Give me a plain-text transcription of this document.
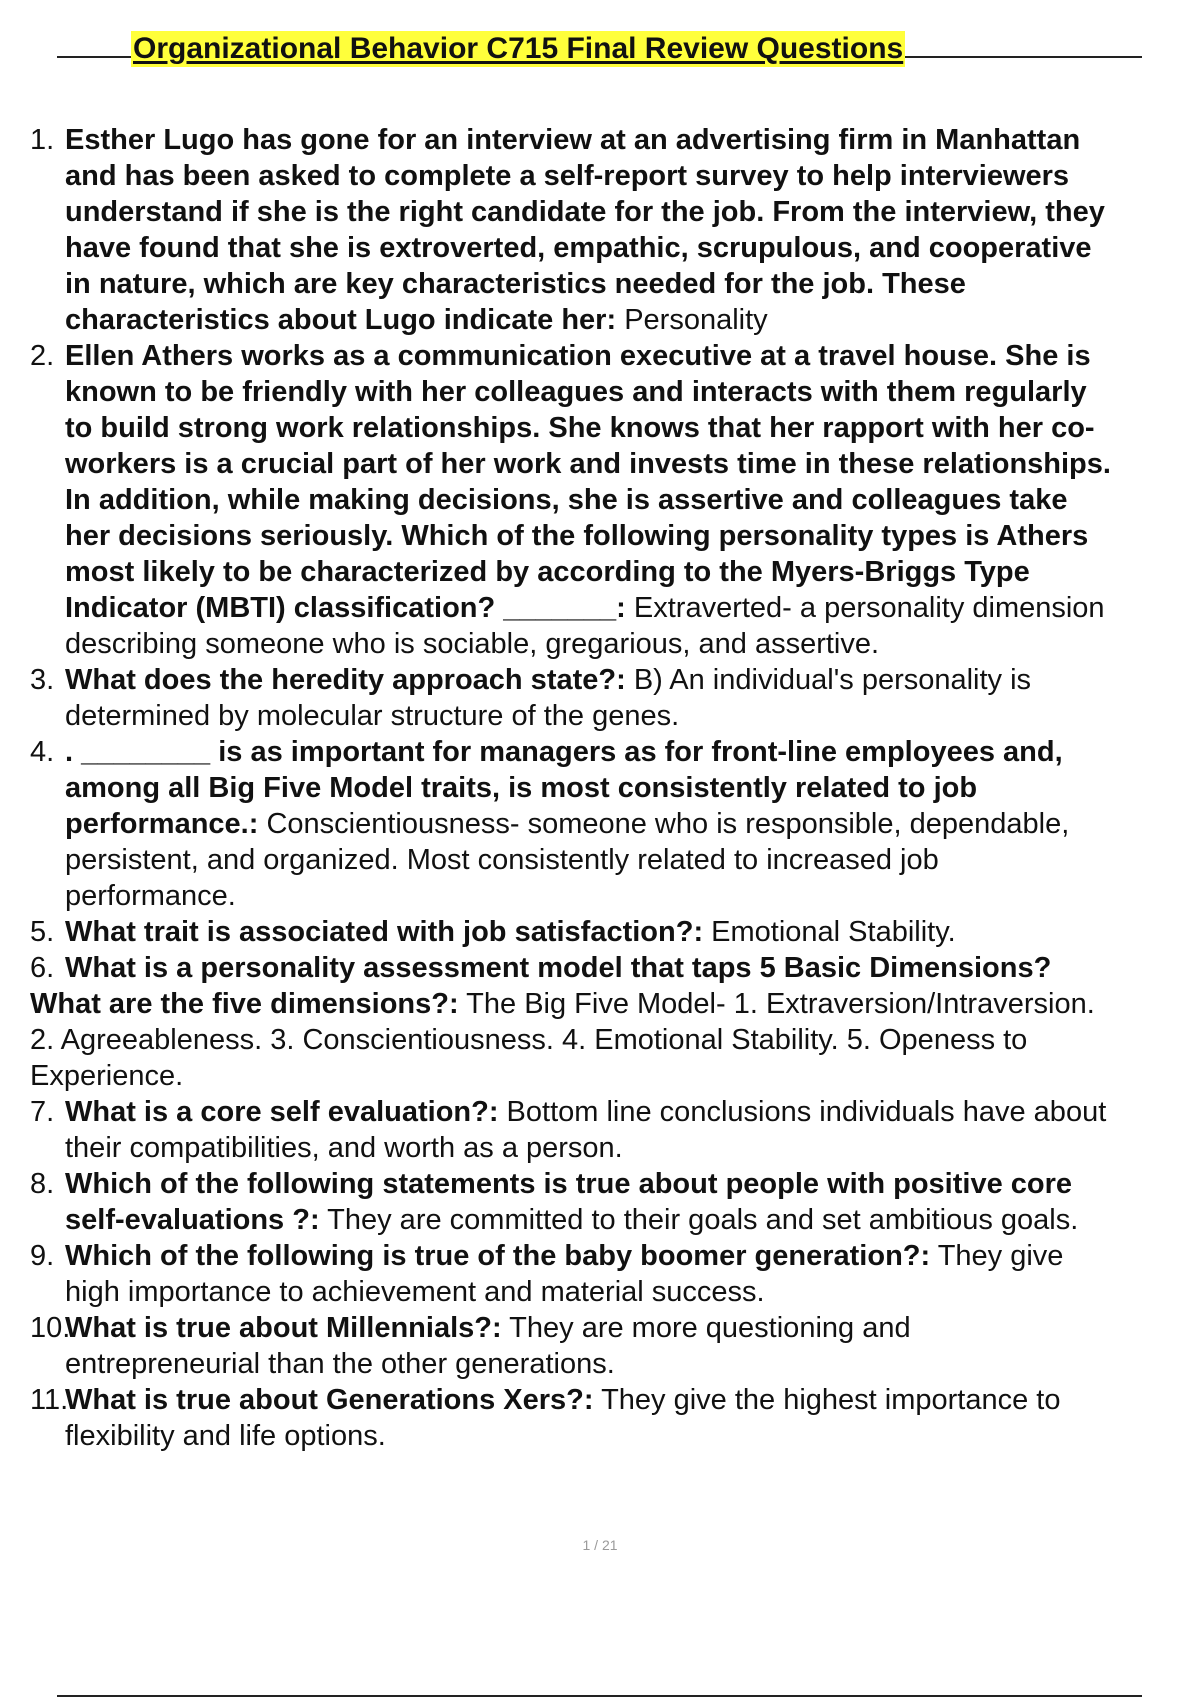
Organizational Behavior C715 Final Review Questions
1. Esther Lugo has gone for an interview at an advertising firm in Manhattan
and has been asked to complete a self-report survey to help interviewers
understand if she is the right candidate for the job. From the interview, they
have found that she is extroverted, empathic, scrupulous, and cooperative
in nature, which are key characteristics needed for the job. These
characteristics about Lugo indicate her: Personality
2. Ellen Athers works as a communication executive at a travel house. She is
known to be friendly with her colleagues and interacts with them regularly
to build strong work relationships. She knows that her rapport with her co-
workers is a crucial part of her work and invests time in these relationships.
In addition, while making decisions, she is assertive and colleagues take
her decisions seriously. Which of the following personality types is Athers
most likely to be characterized by according to the Myers-Briggs Type
Indicator (MBTI) classification? _______: Extraverted- a personality dimension
describing someone who is sociable, gregarious, and assertive.
3. What does the heredity approach state?: B) An individual's personality is
determined by molecular structure of the genes.
4. . ________ is as important for managers as for front-line employees and,
among all Big Five Model traits, is most consistently related to job
performance.: Conscientiousness- someone who is responsible, dependable,
persistent, and organized. Most consistently related to increased job
performance.
5. What trait is associated with job satisfaction?: Emotional Stability.
6. What is a personality assessment model that taps 5 Basic Dimensions?
What are the five dimensions?: The Big Five Model- 1. Extraversion/Intraversion.
2. Agreeableness. 3. Conscientiousness. 4. Emotional Stability. 5. Openess to
Experience.
7. What is a core self evaluation?: Bottom line conclusions individuals have about
their compatibilities, and worth as a person.
8. Which of the following statements is true about people with positive core
self-evaluations ?: They are committed to their goals and set ambitious goals.
9. Which of the following is true of the baby boomer generation?: They give
high importance to achievement and material success.
10.
What is true about Millennials?: They are more questioning and
entrepreneurial than the other generations.
11.
What is true about Generations Xers?: They give the highest importance to
flexibility and life options.
1 / 21
